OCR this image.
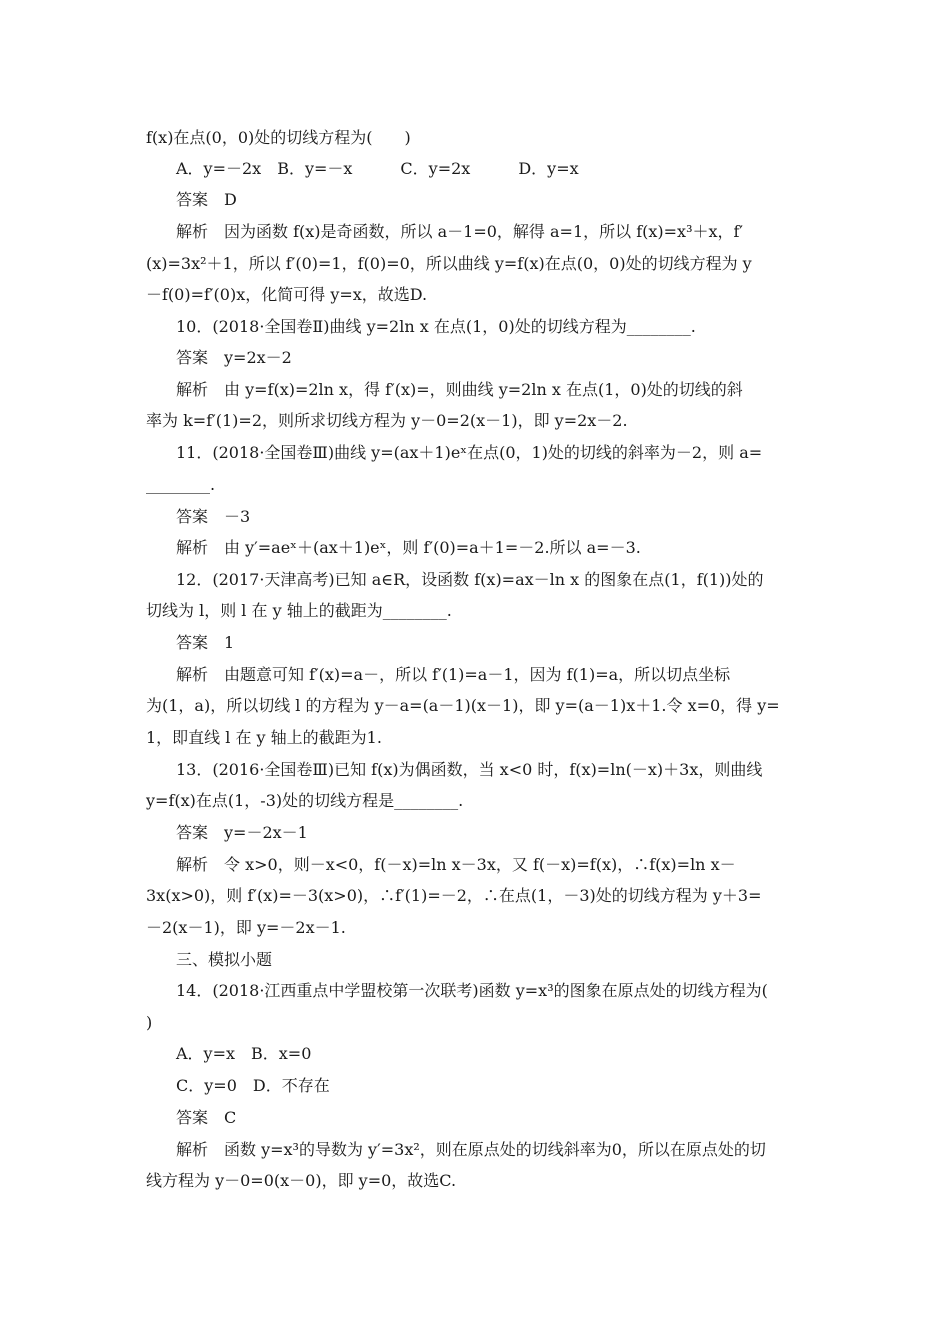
f(x)在点(0，0)处的切线方程为(　　)
A．y=－2x　B．y=－x　　　C．y=2x　　　D．y=x
答案　D
解析　因为函数 f(x)是奇函数，所以 a－1=0，解得 a=1，所以 f(x)=x³＋x，f′
(x)=3x²＋1，所以 f′(0)=1，f(0)=0，所以曲线 y=f(x)在点(0，0)处的切线方程为 y
－f(0)=f′(0)x，化简可得 y=x，故选D.
10．(2018·全国卷Ⅱ)曲线 y=2ln x 在点(1，0)处的切线方程为________.
答案　y=2x－2
解析　由 y=f(x)=2ln x，得 f′(x)=，则曲线 y=2ln x 在点(1，0)处的切线的斜
率为 k=f′(1)=2，则所求切线方程为 y－0=2(x－1)，即 y=2x－2.
11．(2018·全国卷Ⅲ)曲线 y=(ax＋1)eˣ在点(0，1)处的切线的斜率为－2，则 a=
________.
答案　－3
解析　由 y′=aeˣ＋(ax＋1)eˣ，则 f′(0)=a＋1=－2.所以 a=－3.
12．(2017·天津高考)已知 a∈R，设函数 f(x)=ax－ln x 的图象在点(1，f(1))处的
切线为 l，则 l 在 y 轴上的截距为________.
答案　1
解析　由题意可知 f′(x)=a－，所以 f′(1)=a－1，因为 f(1)=a，所以切点坐标
为(1，a)，所以切线 l 的方程为 y－a=(a－1)(x－1)，即 y=(a－1)x＋1.令 x=0，得 y=
1，即直线 l 在 y 轴上的截距为1.
13．(2016·全国卷Ⅲ)已知 f(x)为偶函数，当 x<0 时，f(x)=ln(－x)＋3x，则曲线
y=f(x)在点(1，-3)处的切线方程是________.
答案　y=－2x－1
解析　令 x>0，则－x<0，f(－x)=ln x－3x，又 f(－x)=f(x)，∴f(x)=ln x－
3x(x>0)，则 f′(x)=－3(x>0)，∴f′(1)=－2，∴在点(1，－3)处的切线方程为 y＋3=
－2(x－1)，即 y=－2x－1.
三、模拟小题
14．(2018·江西重点中学盟校第一次联考)函数 y=x³的图象在原点处的切线方程为(
)
A．y=x　B．x=0
C．y=0　D．不存在
答案　C
解析　函数 y=x³的导数为 y′=3x²，则在原点处的切线斜率为0，所以在原点处的切
线方程为 y－0=0(x－0)，即 y=0，故选C.
